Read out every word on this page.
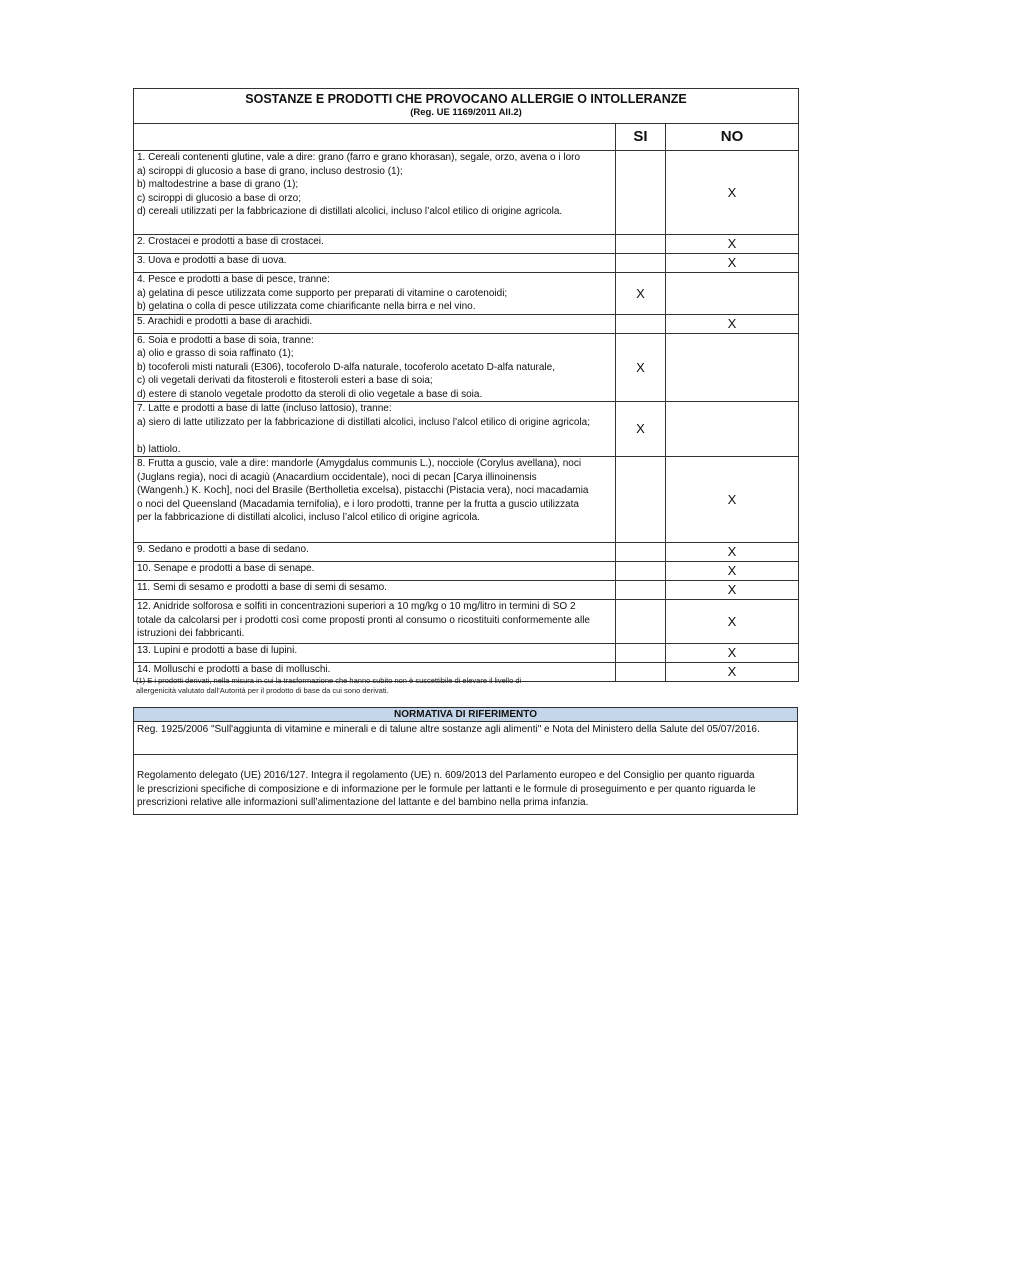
SOSTANZE E PRODOTTI CHE PROVOCANO ALLERGIE O INTOLLERANZE
(Reg. UE 1169/2011 All.2)		

	SI	NO

1. Cereali contenenti glutine, vale a dire: grano (farro e grano khorasan), segale, orzo, avena o i loro
a) sciroppi di glucosio a base di grano, incluso destrosio (1);
b) maltodestrine a base di grano (1);
c) sciroppi di glucosio a base di orzo;
d) cereali utilizzati per la fabbricazione di distillati alcolici, incluso l’alcol etilico di origine agricola.		X

2. Crostacei e prodotti a base di crostacei.		X

3. Uova e prodotti a base di uova.		X

4. Pesce e prodotti a base di pesce, tranne:
a) gelatina di pesce utilizzata come supporto per preparati di vitamine o carotenoidi;
b) gelatina o colla di pesce utilizzata come chiarificante nella birra e nel vino.	X	

5. Arachidi e prodotti a base di arachidi.		X

6. Soia e prodotti a base di soia, tranne:
a) olio e grasso di soia raffinato (1);
b) tocoferoli misti naturali (E306), tocoferolo D-alfa naturale, tocoferolo acetato D-alfa naturale,
c) oli vegetali derivati da fitosteroli e fitosteroli esteri a base di soia;
d) estere di stanolo vegetale prodotto da steroli di olio vegetale a base di soia.	X	

7. Latte e prodotti a base di latte (incluso lattosio), tranne:
a) siero di latte utilizzato per la fabbricazione di distillati alcolici, incluso l’alcol etilico di origine agricola;

b) lattiolo.	X	

8. Frutta a guscio, vale a dire: mandorle (Amygdalus communis L.), nocciole (Corylus avellana), noci
(Juglans regia), noci di acagiù (Anacardium occidentale), noci di pecan [Carya illinoinensis
(Wangenh.) K. Koch], noci del Brasile (Bertholletia excelsa), pistacchi (Pistacia vera), noci macadamia
o noci del Queensland (Macadamia ternifolia), e i loro prodotti, tranne per la frutta a guscio utilizzata
per la fabbricazione di distillati alcolici, incluso l’alcol etilico di origine agricola.		X

9. Sedano e prodotti a base di sedano.		X

10. Senape e prodotti a base di senape.		X

11. Semi di sesamo e prodotti a base di semi di sesamo.		X

12. Anidride solforosa e solfiti in concentrazioni superiori a 10 mg/kg o 10 mg/litro in termini di SO 2
totale da calcolarsi per i prodotti così come proposti pronti al consumo o ricostituiti conformemente alle
istruzioni dei fabbricanti.		X

13. Lupini e prodotti a base di lupini.		X

14. Molluschi e prodotti a base di molluschi.		X
(1) E i prodotti derivati, nella misura in cui la trasformazione che hanno subito non è suscettibile di elevare il livello di
allergenicità valutato dall’Autorità per il prodotto di base da cui sono derivati.
NORMATIVA DI RIFERIMENTO
Reg. 1925/2006 "Sull'aggiunta di vitamine e minerali e di talune altre sostanze agli alimenti" e Nota del Ministero della Salute del 05/07/2016.

Regolamento delegato (UE) 2016/127. Integra il regolamento (UE) n. 609/2013 del Parlamento europeo e del Consiglio per quanto riguarda
le prescrizioni specifiche di composizione e di informazione per le formule per lattanti e le formule di proseguimento e per quanto riguarda le
prescrizioni relative alle informazioni sull’alimentazione del lattante e del bambino nella prima infanzia.
